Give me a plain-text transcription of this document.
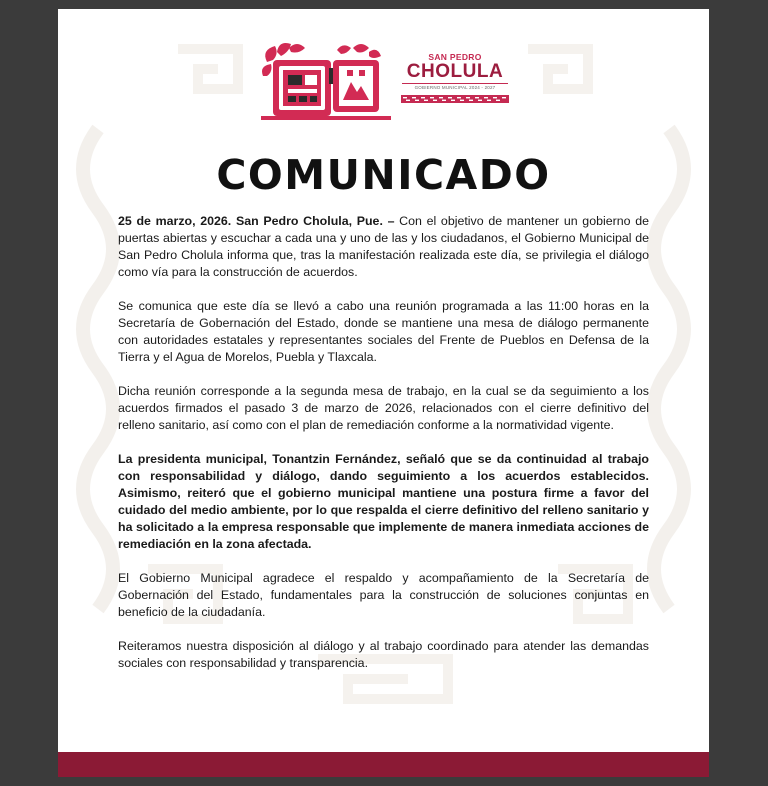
SAN PEDRO
CHOLULA
GOBIERNO MUNICIPAL 2024 - 2027
COMUNICADO

25 de marzo, 2026. San Pedro Cholula, Pue. – Con el objetivo de mantener un gobierno de puertas abiertas y escuchar a cada una y uno de las y los ciudadanos, el Gobierno Municipal de San Pedro Cholula informa que, tras la manifestación realizada este día, se privilegia el diálogo como vía para la construcción de acuerdos.

Se comunica que este día se llevó a cabo una reunión programada a las 11:00 horas en la Secretaría de Gobernación del Estado, donde se mantiene una mesa de diálogo permanente con autoridades estatales y representantes sociales del Frente de Pueblos en Defensa de la Tierra y el Agua de Morelos, Puebla y Tlaxcala.

Dicha reunión corresponde a la segunda mesa de trabajo, en la cual se da seguimiento a los acuerdos firmados el pasado 3 de marzo de 2026, relacionados con el cierre definitivo del relleno sanitario, así como con el plan de remediación conforme a la normatividad vigente.

La presidenta municipal, Tonantzin Fernández, señaló que se da continuidad al trabajo con responsabilidad y diálogo, dando seguimiento a los acuerdos establecidos. Asimismo, reiteró que el gobierno municipal mantiene una postura firme a favor del cuidado del medio ambiente, por lo que respalda el cierre definitivo del relleno sanitario y ha solicitado a la empresa responsable que implemente de manera inmediata acciones de remediación en la zona afectada.

El Gobierno Municipal agradece el respaldo y acompañamiento de la Secretaría de Gobernación del Estado, fundamentales para la construcción de soluciones conjuntas en beneficio de la ciudadanía.

Reiteramos nuestra disposición al diálogo y al trabajo coordinado para atender las demandas sociales con responsabilidad y transparencia.
